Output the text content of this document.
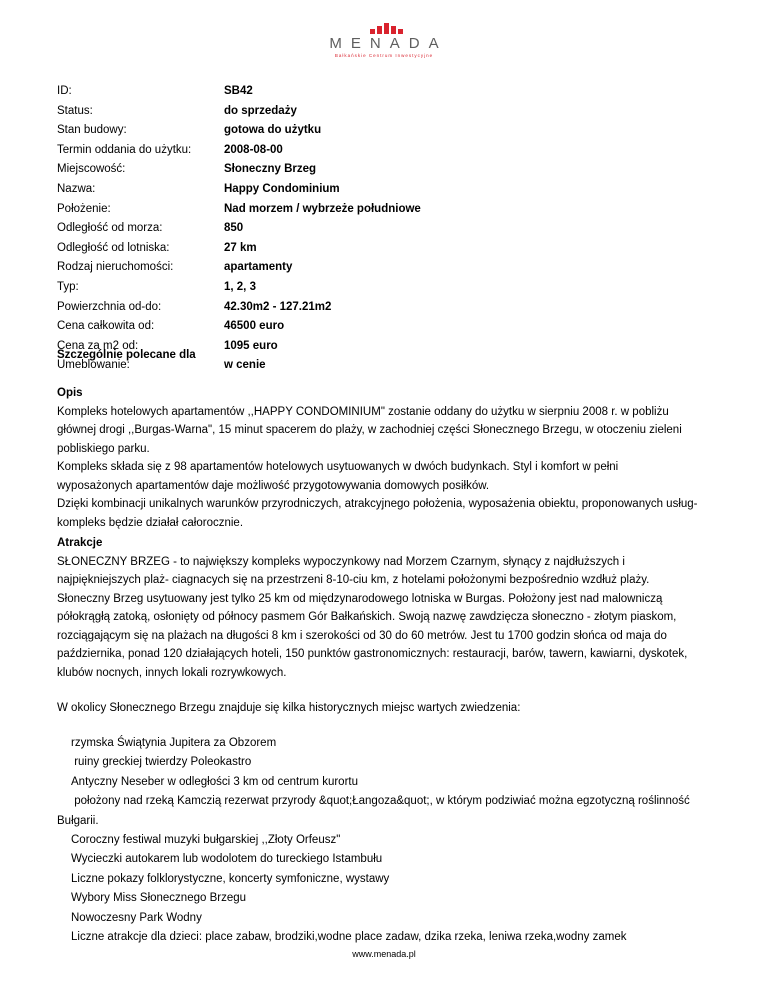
MENADA
Bałkańskie Centrum Inwestycyjne
ID:	SB42
Status:	do sprzedaży
Stan budowy:	gotowa do użytku
Termin oddania do użytku:	2008-08-00
Miejscowość:	Słoneczny Brzeg
Nazwa:	Happy Condominium
Położenie:	Nad morzem / wybrzeże południowe
Odległość od morza:	850
Odległość od lotniska:	27 km
Rodzaj nieruchomości:	apartamenty
Typ:	1, 2, 3
Powierzchnia od-do:	42.30m2 - 127.21m2
Cena całkowita od:	46500 euro
Cena za m2 od:	1095 euro
Umeblowanie:	w cenie
Szczególnie polecane dla
Opis
Kompleks hotelowych apartamentów ,,HAPPY CONDOMINIUM" zostanie oddany do użytku w sierpniu 2008 r. w pobliżu
głównej drogi ,,Burgas-Warna", 15 minut spacerem do plaży, w zachodniej części Słonecznego Brzegu, w otoczeniu zieleni
pobliskiego parku.
Kompleks składa się z 98 apartamentów hotelowych usytuowanych w dwóch budynkach. Styl i komfort w pełni
wyposażonych apartamentów daje możliwość przygotowywania domowych posiłków.
Dzięki kombinacji unikalnych warunków przyrodniczych, atrakcyjnego położenia, wyposażenia obiektu, proponowanych usług-
kompleks będzie działał całorocznie.
Atrakcje
SŁONECZNY BRZEG - to największy kompleks wypoczynkowy nad Morzem Czarnym, słynący z najdłuższych i
najpiękniejszych plaż- ciagnacych się na przestrzeni 8-10-ciu km, z hotelami położonymi bezpośrednio wzdłuż plaży.
Słoneczny Brzeg usytuowany jest tylko 25 km od międzynarodowego lotniska w Burgas. Położony jest nad malowniczą
półokrągłą zatoką, osłonięty od północy pasmem Gór Bałkańskich. Swoją nazwę zawdzięcza słoneczno - złotym piaskom,
rozciągającym się na plażach na długości 8 km i szerokości od 30 do 60 metrów. Jest tu 1700 godzin słońca od maja do
października, ponad 120 działających hoteli, 150 punktów gastronomicznych: restauracji, barów, tawern, kawiarni, dyskotek,
klubów nocnych, innych lokali rozrywkowych.
W okolicy Słonecznego Brzegu znajduje się kilka historycznych miejsc wartych zwiedzenia:
rzymska Świątynia Jupitera za Obzorem
ruiny greckiej twierdzy Poleokastro
Antyczny Neseber w odległości 3 km od centrum kurortu
położony nad rzeką Kamczią rezerwat przyrody &quot;Łangoza&quot;, w którym podziwiać można egzotyczną roślinność
Bułgarii.
Coroczny festiwal muzyki bułgarskiej ,,Złoty Orfeusz"
Wycieczki autokarem lub wodolotem do tureckiego Istambułu
Liczne pokazy folklorystyczne, koncerty symfoniczne, wystawy
Wybory Miss Słonecznego Brzegu
Nowoczesny Park Wodny
Liczne atrakcje dla dzieci: place zabaw, brodziki,wodne place zadaw, dzika rzeka, leniwa rzeka,wodny zamek
www.menada.pl
